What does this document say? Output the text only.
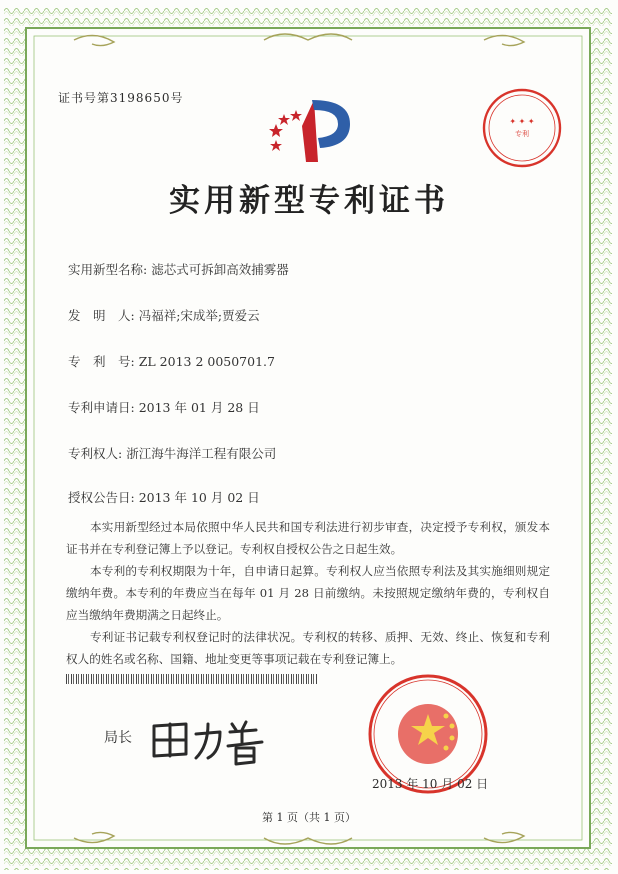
证书号第3198650号
✦ ✦ ✦
专利
实用新型专利证书
实用新型名称: 滤芯式可拆卸高效捕雾器
发　明　人: 冯福祥;宋成举;贾爱云
专　利　号: ZL 2013 2 0050701.7
专利申请日: 2013 年 01 月 28 日
专利权人: 浙江海牛海洋工程有限公司
授权公告日: 2013 年 10 月 02 日
本实用新型经过本局依照中华人民共和国专利法进行初步审查，决定授予专利权，颁发本证书并在专利登记簿上予以登记。专利权自授权公告之日起生效。
本专利的专利权期限为十年，自申请日起算。专利权人应当依照专利法及其实施细则规定缴纳年费。本专利的年费应当在每年 01 月 28 日前缴纳。未按照规定缴纳年费的，专利权自应当缴纳年费期满之日起终止。
专利证书记载专利权登记时的法律状况。专利权的转移、质押、无效、终止、恢复和专利权人的姓名或名称、国籍、地址变更等事项记载在专利登记簿上。
局长
2013 年 10 月 02 日
第 1 页（共 1 页）
